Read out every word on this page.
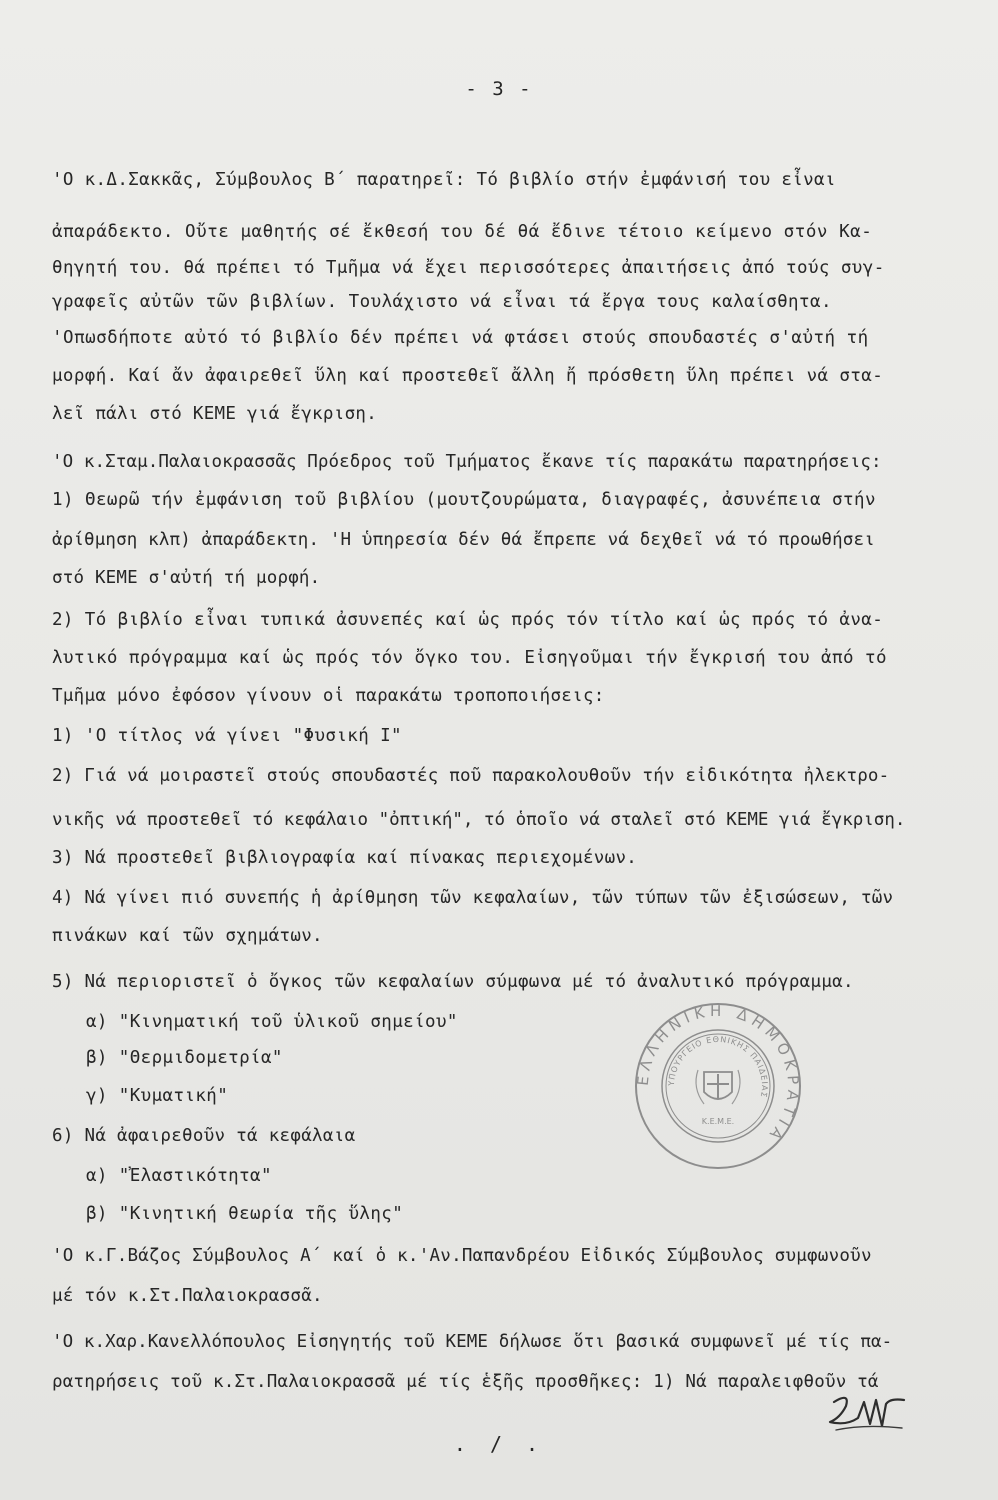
- 3 -
'Ο κ.Δ.Σακκᾶς, Σύμβουλος Β΄ παρατηρεῖ: Τό βιβλίο στήν ἐμφάνισή του εἶναι
ἀπαράδεκτο. Οὔτε μαθητής σέ ἔκθεσή του δέ θά ἔδινε τέτοιο κείμενο στόν Κα-
θηγητή του. θά πρέπει τό Τμῆμα νά ἔχει περισσότερες ἀπαιτήσεις ἀπό τούς συγ-
γραφεῖς αὐτῶν τῶν βιβλίων. Τουλάχιστο νά εἶναι τά ἔργα τους καλαίσθητα.
'Οπωσδήποτε αὐτό τό βιβλίο δέν πρέπει νά φτάσει στούς σπουδαστές σ'αὐτή τή
μορφή. Καί ἄν ἀφαιρεθεῖ ὕλη καί προστεθεῖ ἄλλη ἤ πρόσθετη ὕλη πρέπει νά στα-
λεῖ πάλι στό ΚΕΜΕ γιά ἔγκριση.
'Ο κ.Σταμ.Παλαιοκρασσᾶς Πρόεδρος τοῦ Τμήματος ἔκανε τίς παρακάτω παρατηρήσεις:
1) Θεωρῶ τήν ἐμφάνιση τοῦ βιβλίου (μουτζουρώματα, διαγραφές, ἀσυνέπεια στήν
ἀρίθμηση κλπ) ἀπαράδεκτη. 'Η ὑπηρεσία δέν θά ἔπρεπε νά δεχθεῖ νά τό προωθήσει
στό ΚΕΜΕ σ'αὐτή τή μορφή.
2) Τό βιβλίο εἶναι τυπικά ἀσυνεπές καί ὡς πρός τόν τίτλο καί ὡς πρός τό ἀνα-
λυτικό πρόγραμμα καί ὡς πρός τόν ὄγκο του. Εἰσηγοῦμαι τήν ἔγκρισή του ἀπό τό
Τμῆμα μόνο ἐφόσον γίνουν οἱ παρακάτω τροποποιήσεις:
1) 'Ο τίτλος νά γίνει "Φυσική Ι"
2) Γιά νά μοιραστεῖ στούς σπουδαστές ποῦ παρακολουθοῦν τήν εἰδικότητα ἠλεκτρο-
νικῆς νά προστεθεῖ τό κεφάλαιο "ὀπτική", τό ὁποῖο νά σταλεῖ στό ΚΕΜΕ γιά ἔγκριση.
3) Νά προστεθεῖ βιβλιογραφία καί πίνακας περιεχομένων.
4) Νά γίνει πιό συνεπής ἡ ἀρίθμηση τῶν κεφαλαίων, τῶν τύπων τῶν ἐξισώσεων, τῶν
πινάκων καί τῶν σχημάτων.
5) Νά περιοριστεῖ ὁ ὄγκος τῶν κεφαλαίων σύμφωνα μέ τό ἀναλυτικό πρόγραμμα.
α) "Κινηματική τοῦ ὑλικοῦ σημείου"
β) "Θερμιδομετρία"
γ) "Κυματική"
6) Νά ἀφαιρεθοῦν τά κεφάλαια
α) "Ἐλαστικότητα"
β) "Κινητική θεωρία τῆς ὕλης"
'Ο κ.Γ.Βάζος Σύμβουλος Α΄ καί ὁ κ.'Αν.Παπανδρέου Εἰδικός Σύμβουλος συμφωνοῦν
μέ τόν κ.Στ.Παλαιοκρασσᾶ.
'Ο κ.Χαρ.Κανελλόπουλος Εἰσηγητής τοῦ ΚΕΜΕ δήλωσε ὅτι βασικά συμφωνεῖ μέ τίς πα-
ρατηρήσεις τοῦ κ.Στ.Παλαιοκρασσᾶ μέ τίς ἑξῆς προσθῆκες: 1) Νά παραλειφθοῦν τά
ΕΛΛΗΝΙΚΗ ΔΗΜΟΚΡΑΤΙΑ
ΥΠΟΥΡΓΕΙΟ ΕΘΝΙΚΗΣ ΠΑΙΔΕΙΑΣ
Κ.Ε.Μ.Ε.
. / .
